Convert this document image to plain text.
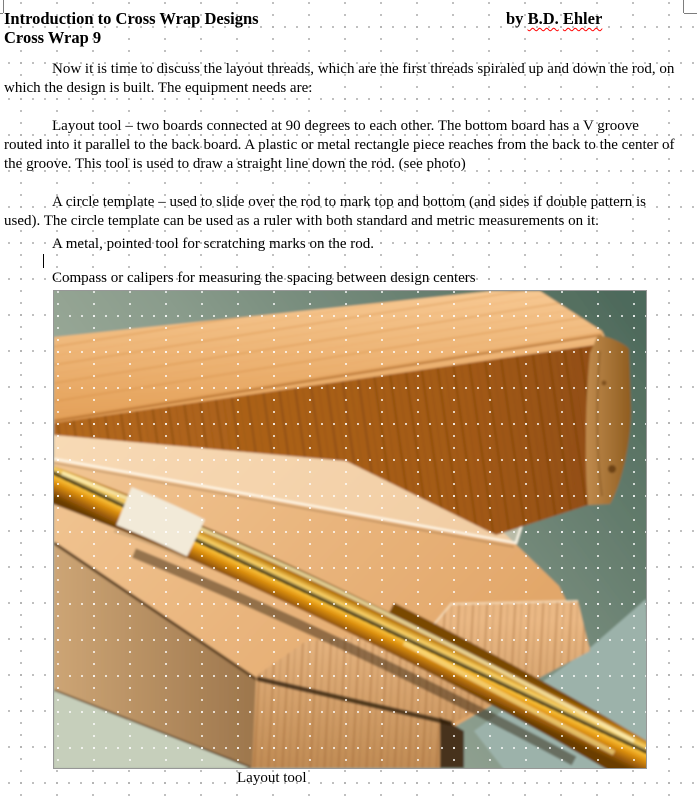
Introduction to Cross Wrap Designs	by B.D. Ehler
Cross Wrap 9
Now it is time to discuss the layout threads, which are the first threads spiraled up and down the rod, on
which the design is built. The equipment needs are:
Layout tool – two boards connected at 90 degrees to each other. The bottom board has a V groove
routed into it parallel to the back board. A plastic or metal rectangle piece reaches from the back to the center of
the groove. This tool is used to draw a straight line down the rod. (see photo)
A circle template – used to slide over the rod to mark top and bottom (and sides if double pattern is
used). The circle template can be used as a ruler with both standard and metric measurements on it.
A metal, pointed tool for scratching marks on the rod.
Compass or calipers for measuring the spacing between design centers
Layout tool
